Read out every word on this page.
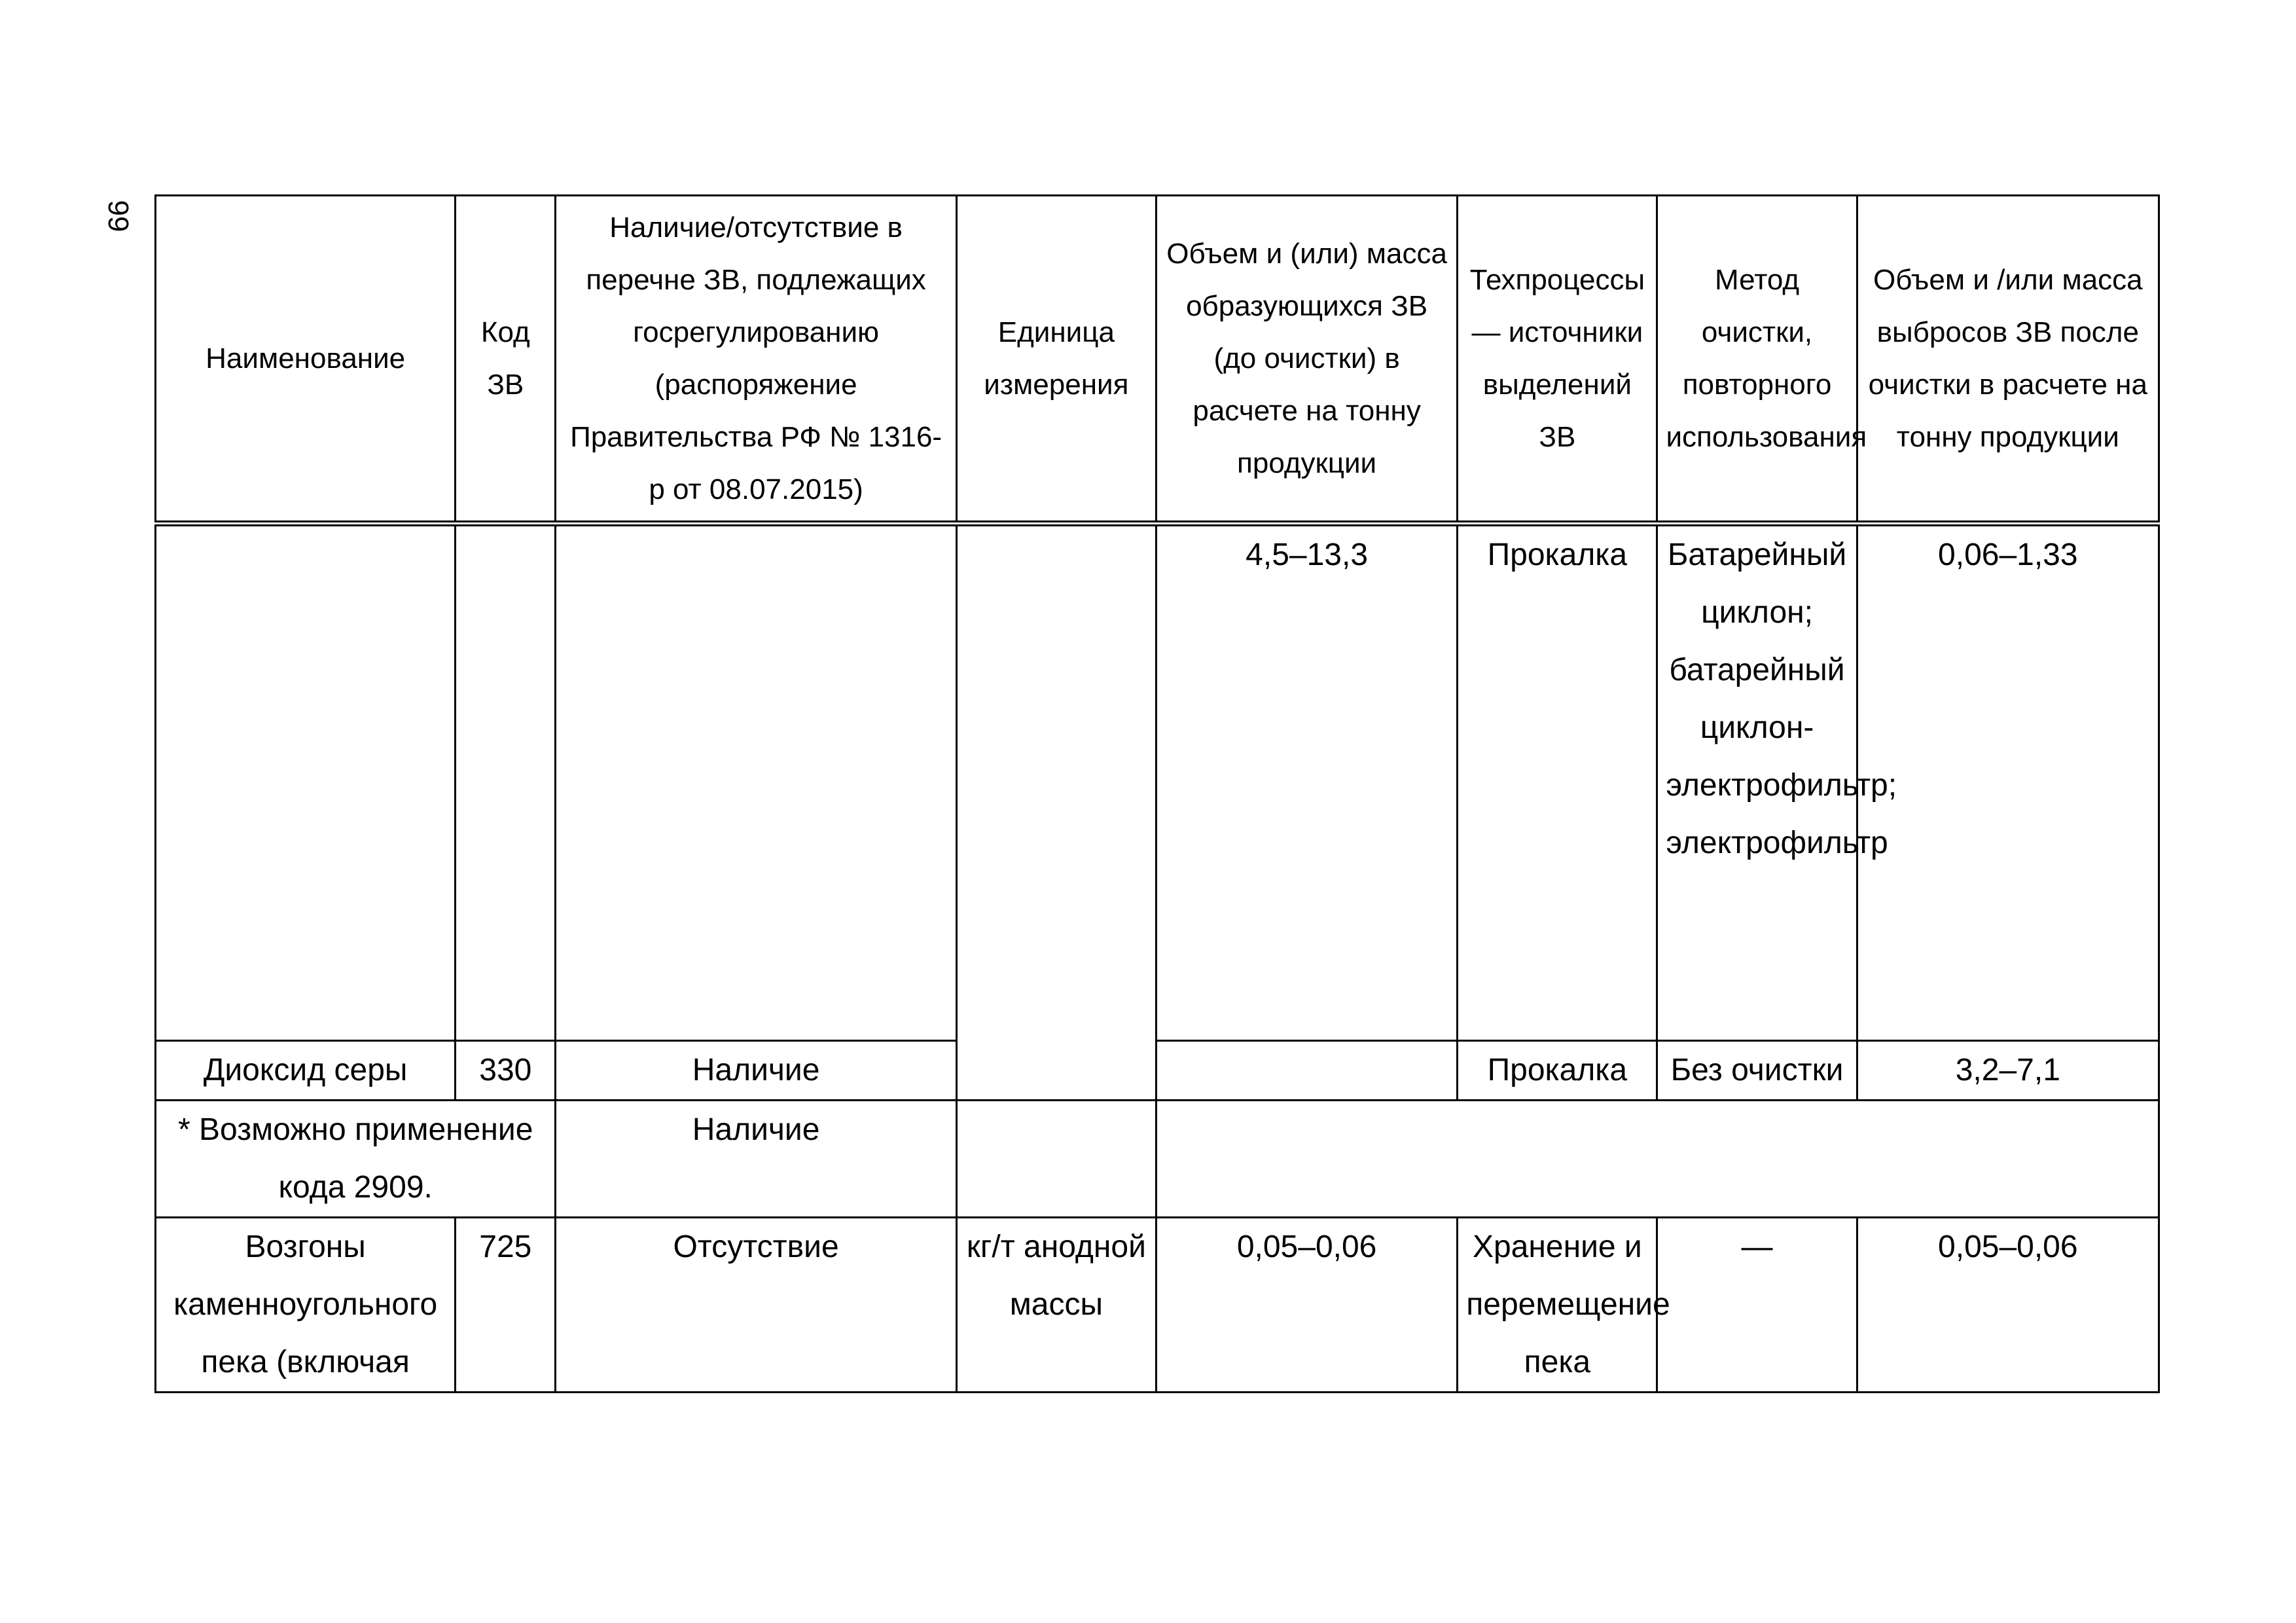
99
Наименование	Код ЗВ	Наличие/отсутствие в перечне ЗВ, подлежащих госрегулированию (распоряжение Правительства РФ № 1316-р от 08.07.2015)	Единица измерения	Объем и (или) масса образующихся ЗВ (до очистки) в расчете на тонну продукции	Техпроцессы — источники выделений ЗВ	Метод очистки, повторного использования	Объем и /или масса выбросов ЗВ после очистки в расчете на тонну продукции
				4,5–13,3	Прокалка	Батарейный циклон; батарейный циклон-электрофильтр; электрофильтр	0,06–1,33
Диоксид серы	330	Наличие			Прокалка	Без очистки	3,2–7,1
* Возможно применение кода 2909.		Наличие					
Возгоны каменноугольного пека (включая	725	Отсутствие	кг/т анодной массы	0,05–0,06	Хранение и перемещение пека	—	0,05–0,06
